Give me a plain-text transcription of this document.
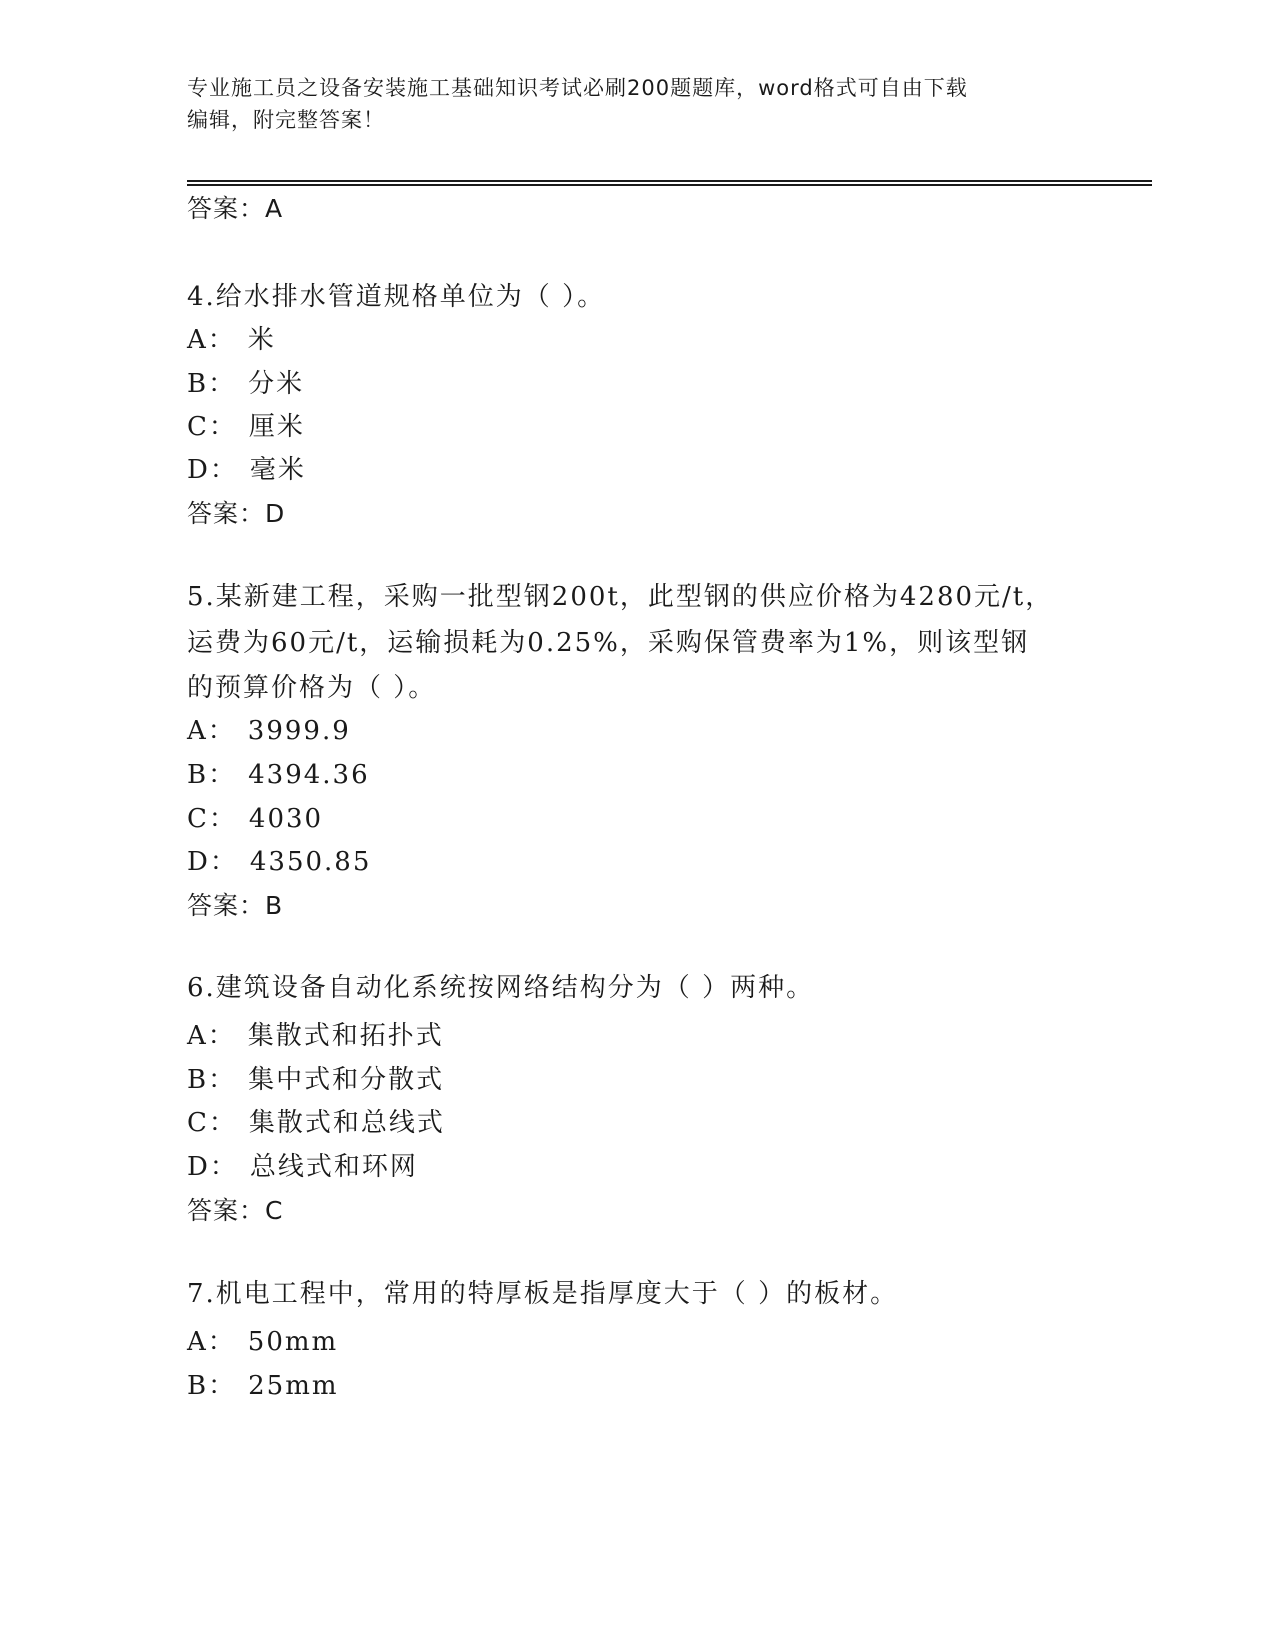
专业施工员之设备安装施工基础知识考试必刷200题题库，word格式可自由下载
编辑，附完整答案！
答案：A
4.给水排水管道规格单位为（ ）。
A： 米
B： 分米
C： 厘米
D： 毫米
答案：D
5.某新建工程，采购一批型钢200t，此型钢的供应价格为4280元/t，
运费为60元/t，运输损耗为0.25%，采购保管费率为1%，则该型钢
的预算价格为（ ）。
A： 3999.9
B： 4394.36
C： 4030
D： 4350.85
答案：B
6.建筑设备自动化系统按网络结构分为（ ）两种。
A： 集散式和拓扑式
B： 集中式和分散式
C： 集散式和总线式
D： 总线式和环网
答案：C
7.机电工程中，常用的特厚板是指厚度大于（ ）的板材。
A： 50mm
B： 25mm
